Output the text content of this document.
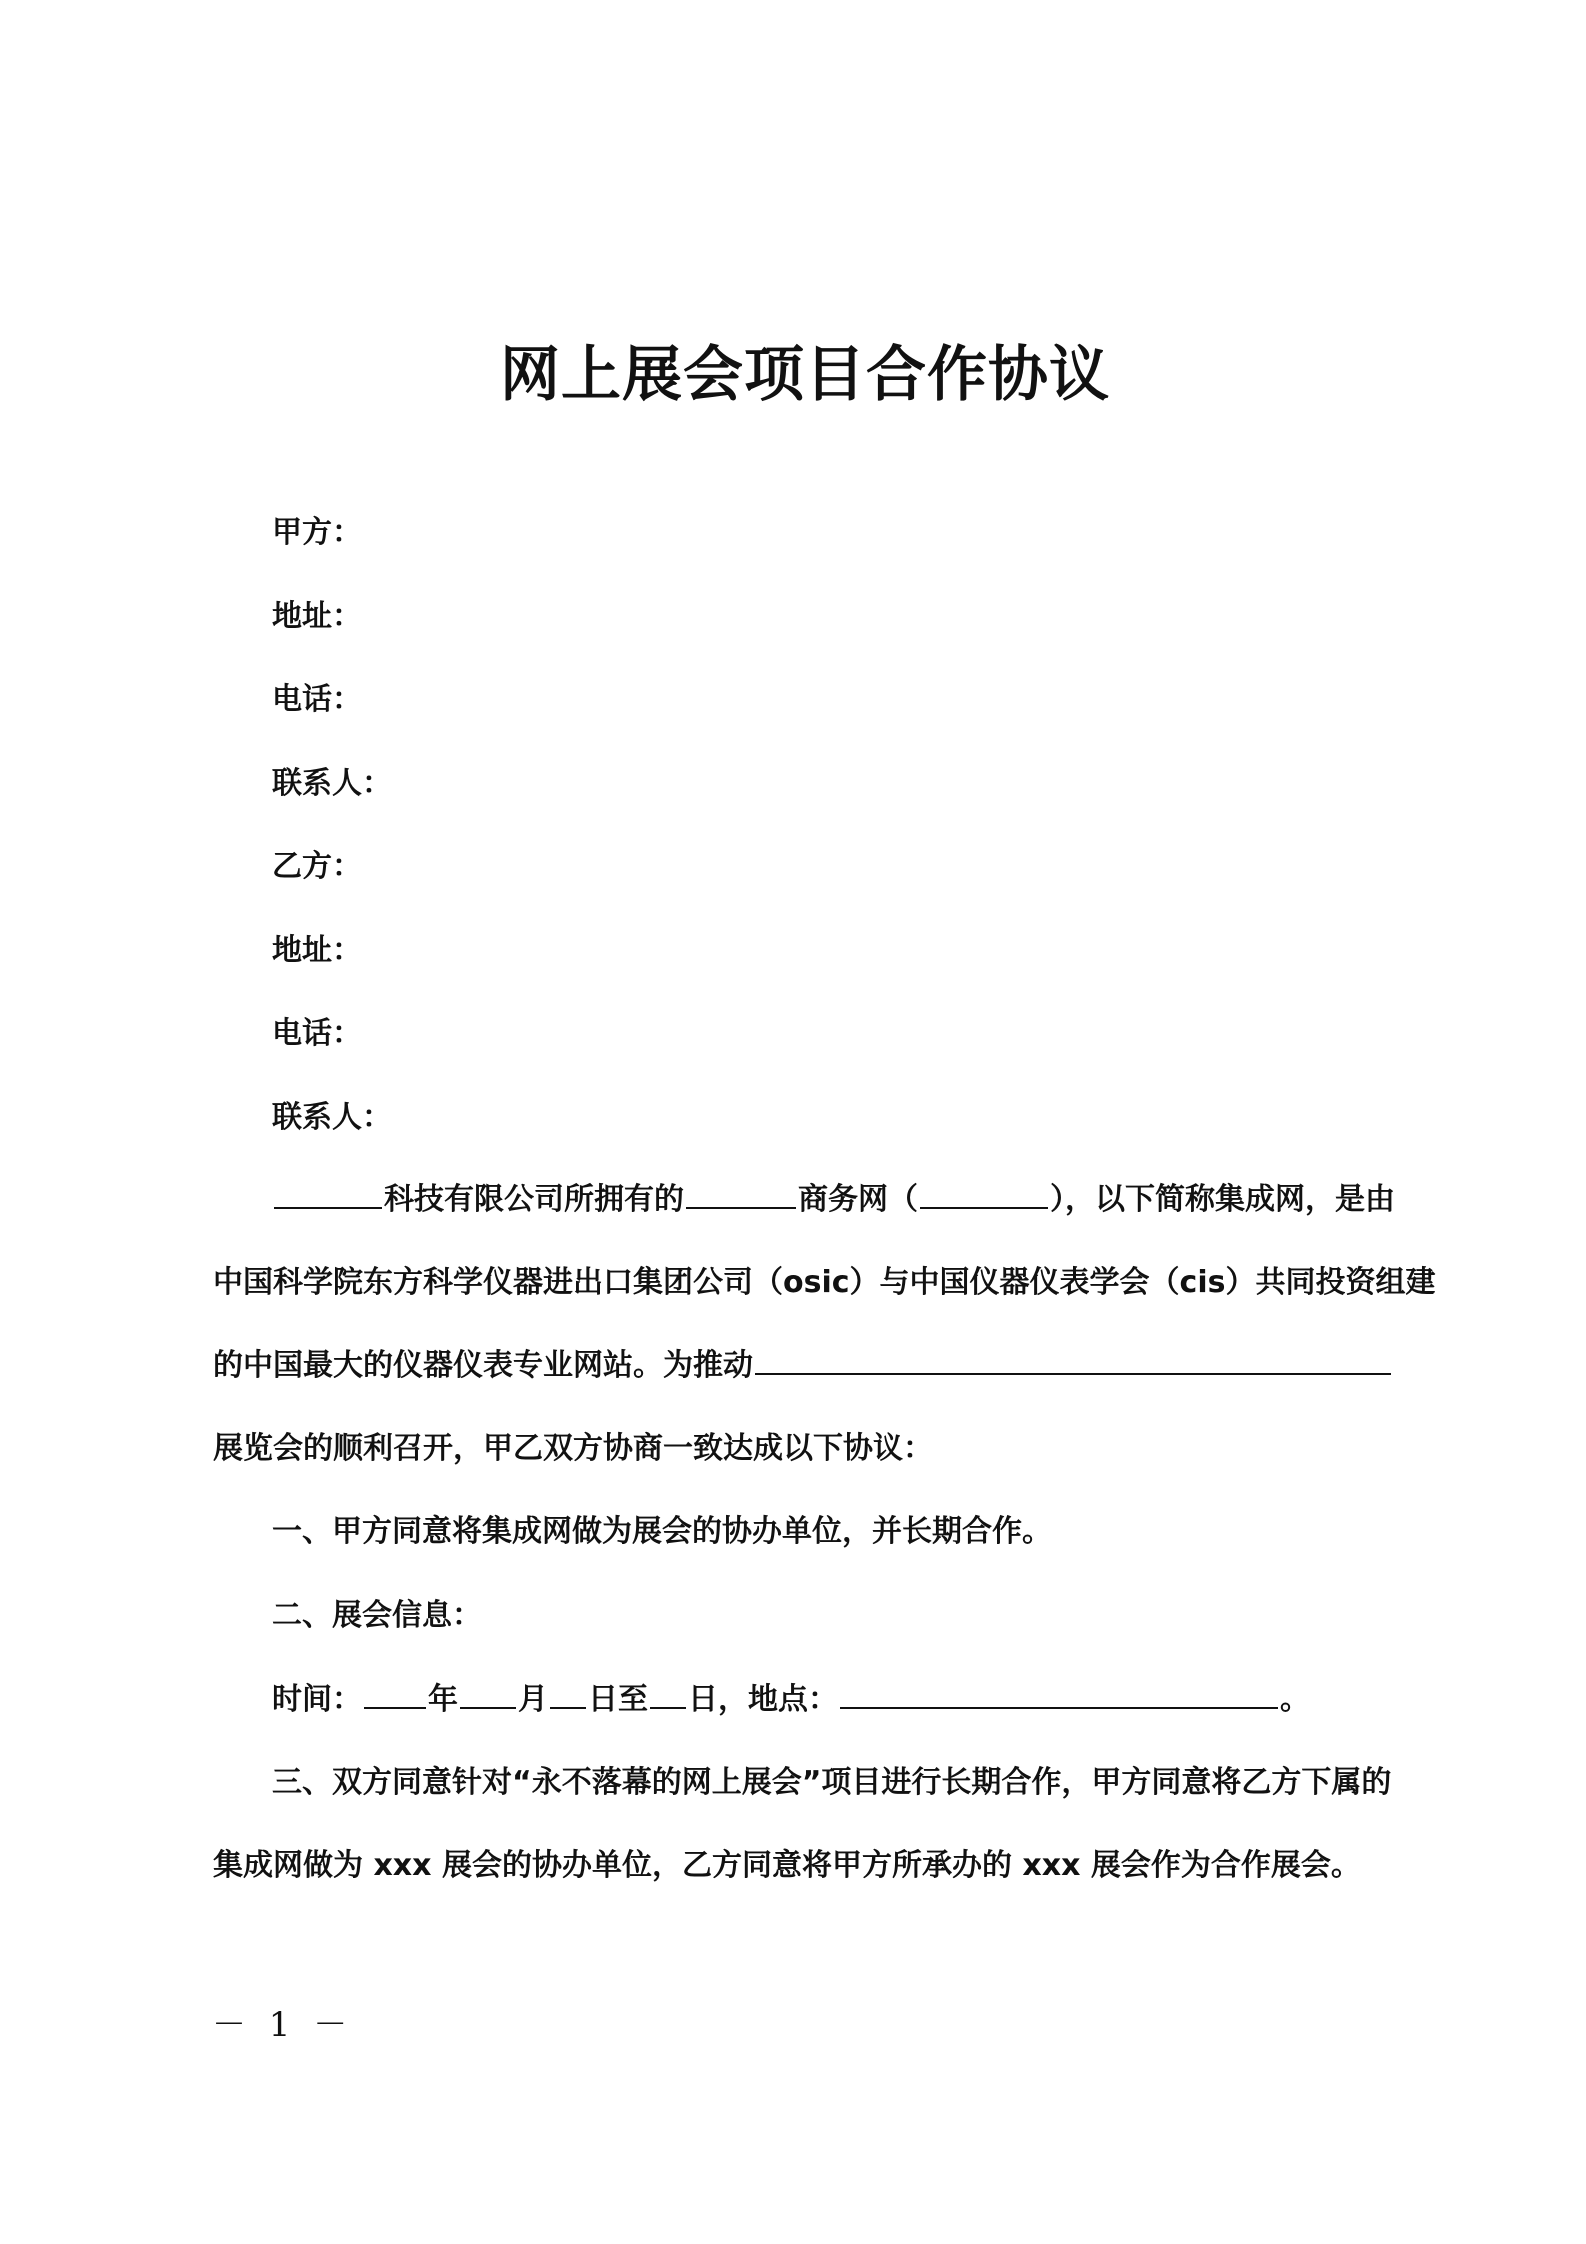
网上展会项目合作协议
甲方：
地址：
电话：
联系人：
乙方：
地址：
电话：
联系人：
科技有限公司所拥有的	商务网（	），以下简称集成网，是由
中国科学院东方科学仪器进出口集团公司（osic）与中国仪器仪表学会（cis）共同投资组建
的中国最大的仪器仪表专业网站。为推动
展览会的顺利召开，甲乙双方协商一致达成以下协议：
一、甲方同意将集成网做为展会的协办单位，并长期合作。
二、展会信息：
时间： 年 月 日至 日，地点：	。
三、双方同意针对“永不落幕的网上展会”项目进行长期合作，甲方同意将乙方下属的
集成网做为 xxx 展会的协办单位，乙方同意将甲方所承办的 xxx 展会作为合作展会。
－ 1 －
